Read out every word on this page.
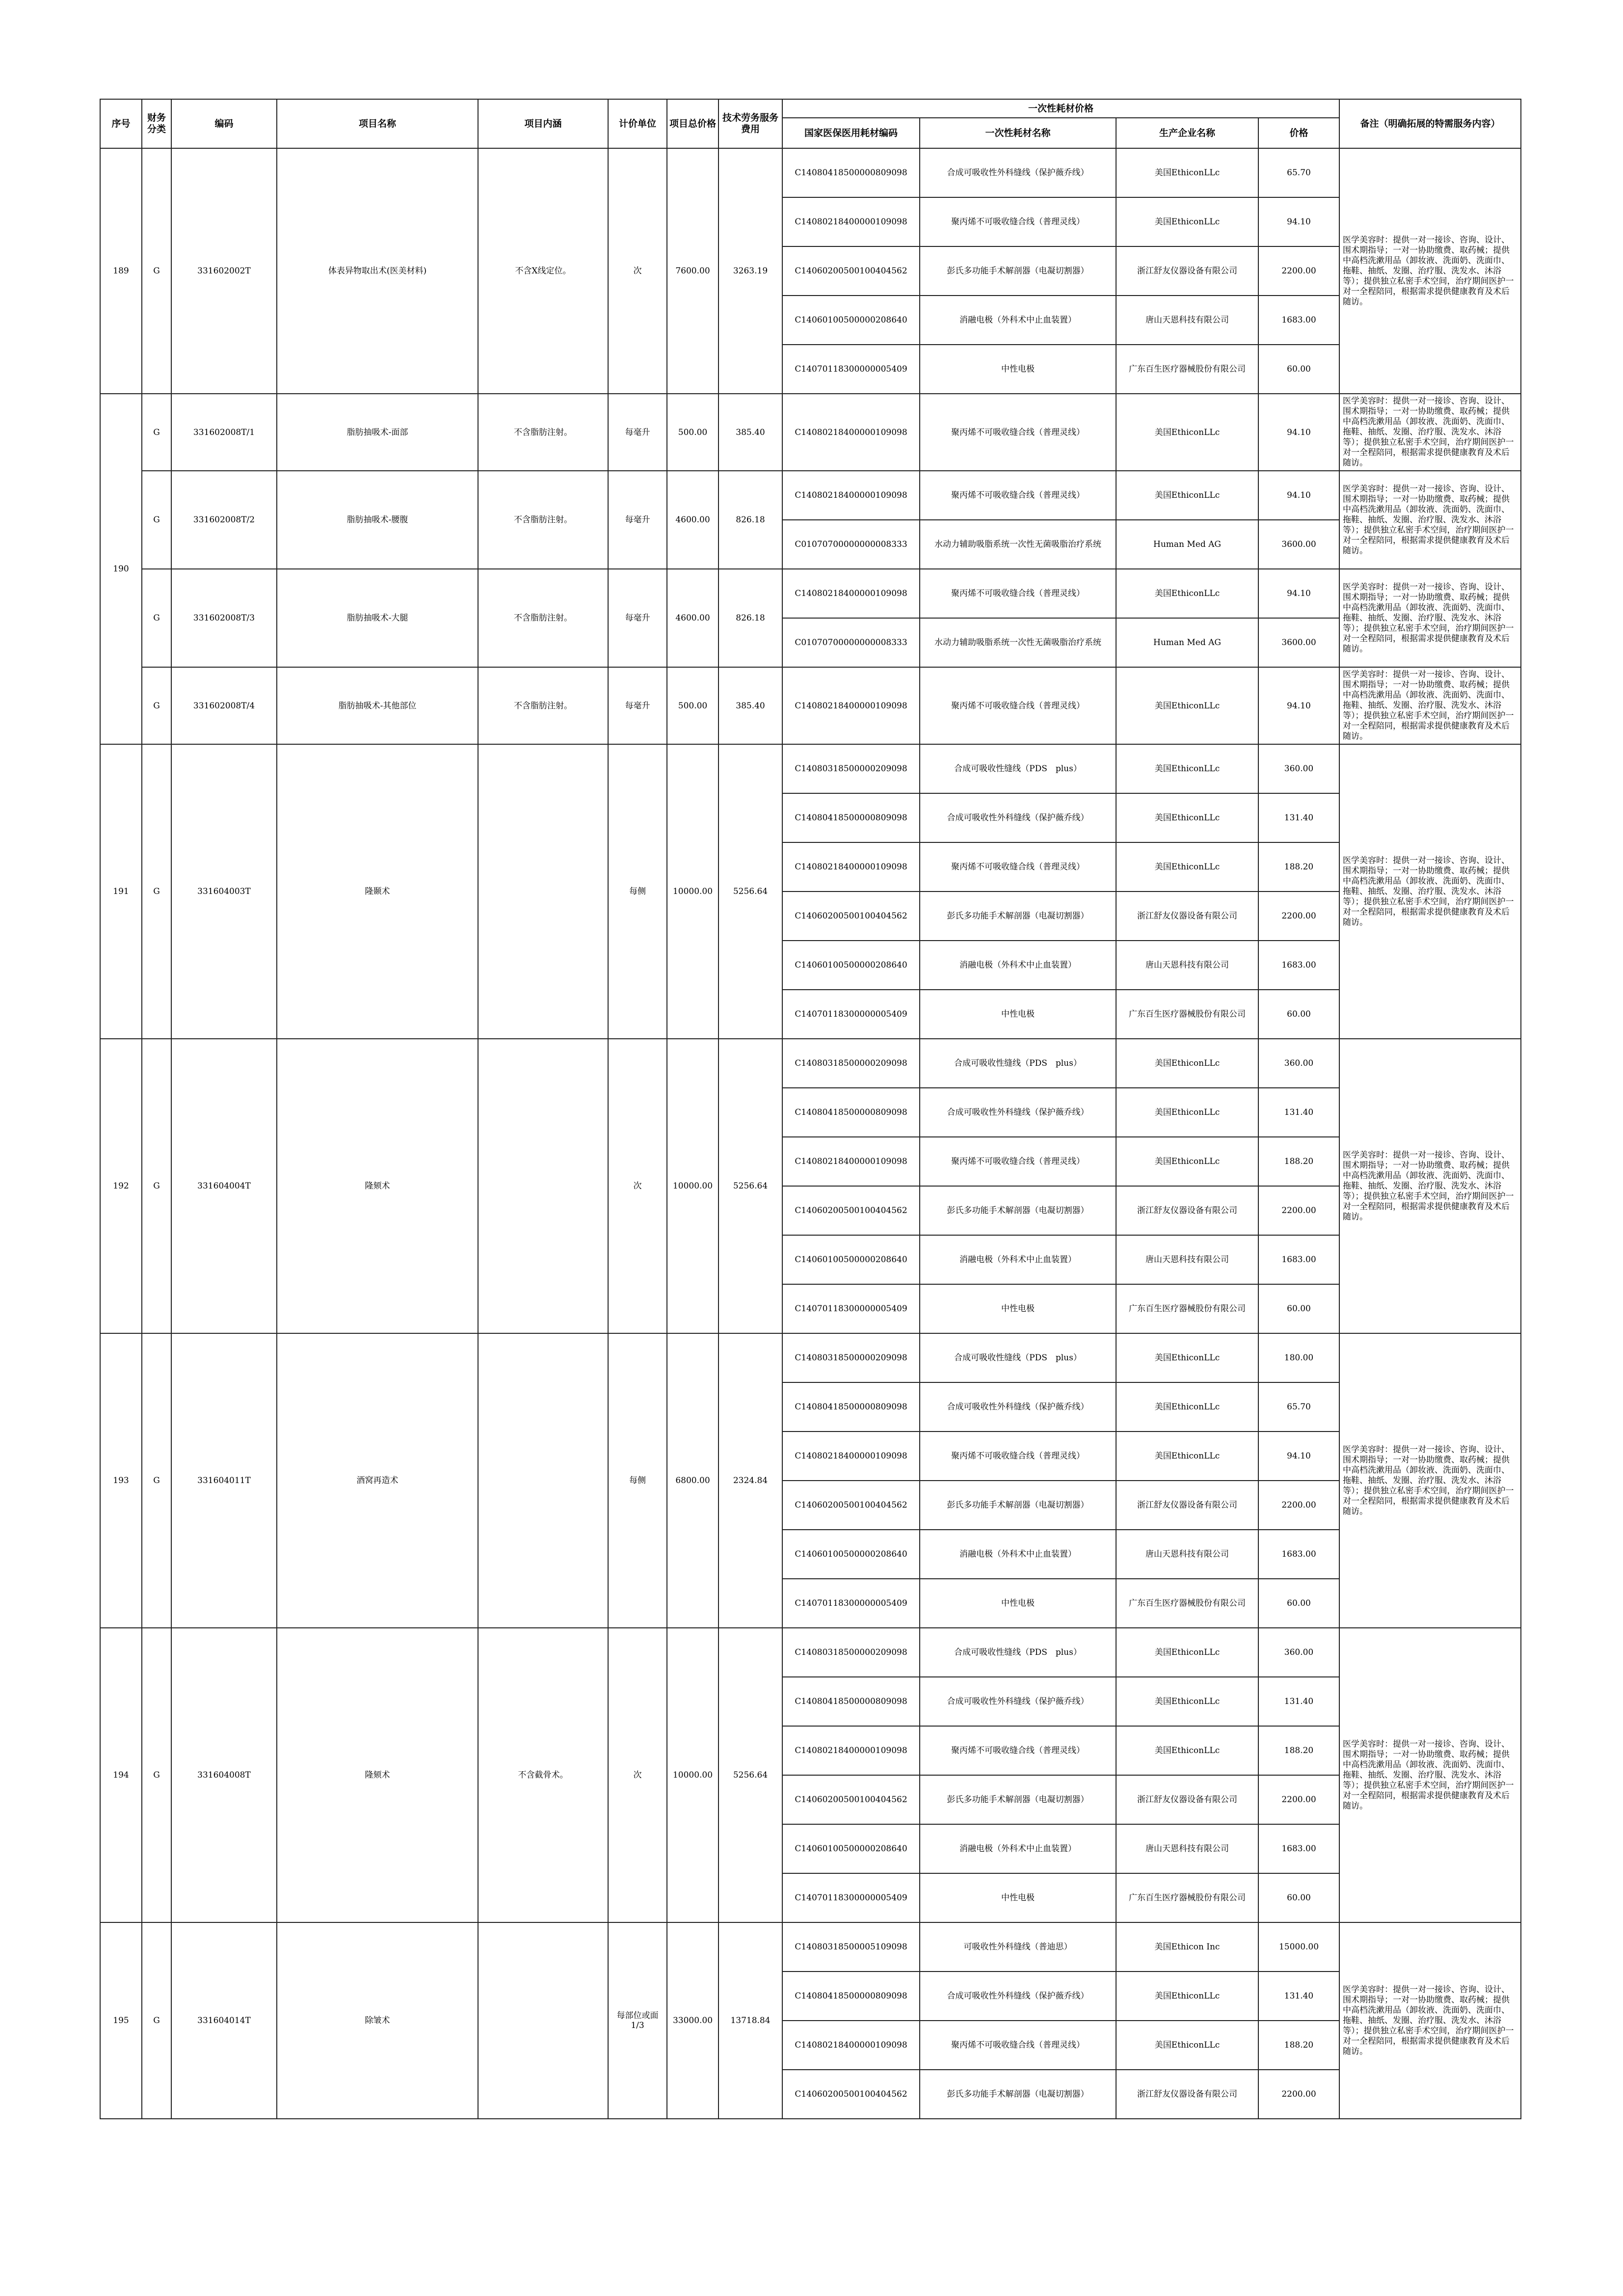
序号	财务分类	编码	项目名称	项目内涵	计价单位	项目总价格	技术劳务服务费用	一次性耗材价格				备注（明确拓展的特需服务内容）
								国家医保医用耗材编码	一次性耗材名称	生产企业名称	价格	
189	G	331602002T	体表异物取出术(医美材料)	不含X线定位。	次	7600.00	3263.19	C14080418500000809098	合成可吸收性外科缝线（保护薇乔线）	美国EthiconLLc	65.70	医学美容时：提供一对一接诊、咨询、设计、围术期指导；一对一协助缴费、取药械；提供中高档洗漱用品（卸妆液、洗面奶、洗面巾、拖鞋、抽纸、发圈、治疗服、洗发水、沐浴等）；提供独立私密手术空间，治疗期间医护一对一全程陪同，根据需求提供健康教育及术后随访。
								C14080218400000109098	聚丙烯不可吸收缝合线（普理灵线）	美国EthiconLLc	94.10	
								C14060200500100404562	彭氏多功能手术解剖器（电凝切割器）	浙江舒友仪器设备有限公司	2200.00	
								C14060100500000208640	消融电极（外科术中止血装置）	唐山天恩科技有限公司	1683.00	
								C14070118300000005409	中性电极	广东百生医疗器械股份有限公司	60.00	
190	G	331602008T/1	脂肪抽吸术-面部	不含脂肪注射。	每毫升	500.00	385.40	C14080218400000109098	聚丙烯不可吸收缝合线（普理灵线）	美国EthiconLLc	94.10	医学美容时：提供一对一接诊、咨询、设计、围术期指导；一对一协助缴费、取药械；提供中高档洗漱用品（卸妆液、洗面奶、洗面巾、拖鞋、抽纸、发圈、治疗服、洗发水、沐浴等）；提供独立私密手术空间，治疗期间医护一对一全程陪同，根据需求提供健康教育及术后随访。
	G	331602008T/2	脂肪抽吸术-腰腹	不含脂肪注射。	每毫升	4600.00	826.18	C14080218400000109098	聚丙烯不可吸收缝合线（普理灵线）	美国EthiconLLc	94.10	医学美容时：提供一对一接诊、咨询、设计、围术期指导；一对一协助缴费、取药械；提供中高档洗漱用品（卸妆液、洗面奶、洗面巾、拖鞋、抽纸、发圈、治疗服、洗发水、沐浴等）；提供独立私密手术空间，治疗期间医护一对一全程陪同，根据需求提供健康教育及术后随访。
								C01070700000000008333	水动力辅助吸脂系统一次性无菌吸脂治疗系统	Human Med AG	3600.00	
	G	331602008T/3	脂肪抽吸术-大腿	不含脂肪注射。	每毫升	4600.00	826.18	C14080218400000109098	聚丙烯不可吸收缝合线（普理灵线）	美国EthiconLLc	94.10	医学美容时：提供一对一接诊、咨询、设计、围术期指导；一对一协助缴费、取药械；提供中高档洗漱用品（卸妆液、洗面奶、洗面巾、拖鞋、抽纸、发圈、治疗服、洗发水、沐浴等）；提供独立私密手术空间，治疗期间医护一对一全程陪同，根据需求提供健康教育及术后随访。
								C01070700000000008333	水动力辅助吸脂系统一次性无菌吸脂治疗系统	Human Med AG	3600.00	
	G	331602008T/4	脂肪抽吸术-其他部位	不含脂肪注射。	每毫升	500.00	385.40	C14080218400000109098	聚丙烯不可吸收缝合线（普理灵线）	美国EthiconLLc	94.10	医学美容时：提供一对一接诊、咨询、设计、围术期指导；一对一协助缴费、取药械；提供中高档洗漱用品（卸妆液、洗面奶、洗面巾、拖鞋、抽纸、发圈、治疗服、洗发水、沐浴等）；提供独立私密手术空间，治疗期间医护一对一全程陪同，根据需求提供健康教育及术后随访。
191	G	331604003T	隆颞术		每侧	10000.00	5256.64	C14080318500000209098	合成可吸收性缝线（PDS　plus）	美国EthiconLLc	360.00	医学美容时：提供一对一接诊、咨询、设计、围术期指导；一对一协助缴费、取药械；提供中高档洗漱用品（卸妆液、洗面奶、洗面巾、拖鞋、抽纸、发圈、治疗服、洗发水、沐浴等）；提供独立私密手术空间，治疗期间医护一对一全程陪同，根据需求提供健康教育及术后随访。
								C14080418500000809098	合成可吸收性外科缝线（保护薇乔线）	美国EthiconLLc	131.40	
								C14080218400000109098	聚丙烯不可吸收缝合线（普理灵线）	美国EthiconLLc	188.20	
								C14060200500100404562	彭氏多功能手术解剖器（电凝切割器）	浙江舒友仪器设备有限公司	2200.00	
								C14060100500000208640	消融电极（外科术中止血装置）	唐山天恩科技有限公司	1683.00	
								C14070118300000005409	中性电极	广东百生医疗器械股份有限公司	60.00	
192	G	331604004T	隆颏术		次	10000.00	5256.64	C14080318500000209098	合成可吸收性缝线（PDS　plus）	美国EthiconLLc	360.00	医学美容时：提供一对一接诊、咨询、设计、围术期指导；一对一协助缴费、取药械；提供中高档洗漱用品（卸妆液、洗面奶、洗面巾、拖鞋、抽纸、发圈、治疗服、洗发水、沐浴等）；提供独立私密手术空间，治疗期间医护一对一全程陪同，根据需求提供健康教育及术后随访。
								C14080418500000809098	合成可吸收性外科缝线（保护薇乔线）	美国EthiconLLc	131.40	
								C14080218400000109098	聚丙烯不可吸收缝合线（普理灵线）	美国EthiconLLc	188.20	
								C14060200500100404562	彭氏多功能手术解剖器（电凝切割器）	浙江舒友仪器设备有限公司	2200.00	
								C14060100500000208640	消融电极（外科术中止血装置）	唐山天恩科技有限公司	1683.00	
								C14070118300000005409	中性电极	广东百生医疗器械股份有限公司	60.00	
193	G	331604011T	酒窝再造术		每侧	6800.00	2324.84	C14080318500000209098	合成可吸收性缝线（PDS　plus）	美国EthiconLLc	180.00	医学美容时：提供一对一接诊、咨询、设计、围术期指导；一对一协助缴费、取药械；提供中高档洗漱用品（卸妆液、洗面奶、洗面巾、拖鞋、抽纸、发圈、治疗服、洗发水、沐浴等）；提供独立私密手术空间，治疗期间医护一对一全程陪同，根据需求提供健康教育及术后随访。
								C14080418500000809098	合成可吸收性外科缝线（保护薇乔线）	美国EthiconLLc	65.70	
								C14080218400000109098	聚丙烯不可吸收缝合线（普理灵线）	美国EthiconLLc	94.10	
								C14060200500100404562	彭氏多功能手术解剖器（电凝切割器）	浙江舒友仪器设备有限公司	2200.00	
								C14060100500000208640	消融电极（外科术中止血装置）	唐山天恩科技有限公司	1683.00	
								C14070118300000005409	中性电极	广东百生医疗器械股份有限公司	60.00	
194	G	331604008T	隆颏术	不含截骨术。	次	10000.00	5256.64	C14080318500000209098	合成可吸收性缝线（PDS　plus）	美国EthiconLLc	360.00	医学美容时：提供一对一接诊、咨询、设计、围术期指导；一对一协助缴费、取药械；提供中高档洗漱用品（卸妆液、洗面奶、洗面巾、拖鞋、抽纸、发圈、治疗服、洗发水、沐浴等）；提供独立私密手术空间，治疗期间医护一对一全程陪同，根据需求提供健康教育及术后随访。
								C14080418500000809098	合成可吸收性外科缝线（保护薇乔线）	美国EthiconLLc	131.40	
								C14080218400000109098	聚丙烯不可吸收缝合线（普理灵线）	美国EthiconLLc	188.20	
								C14060200500100404562	彭氏多功能手术解剖器（电凝切割器）	浙江舒友仪器设备有限公司	2200.00	
								C14060100500000208640	消融电极（外科术中止血装置）	唐山天恩科技有限公司	1683.00	
								C14070118300000005409	中性电极	广东百生医疗器械股份有限公司	60.00	
195	G	331604014T	除皱术		每部位或面1/3	33000.00	13718.84	C14080318500005109098	可吸收性外科缝线（普迪思）	美国Ethicon Inc	15000.00	医学美容时：提供一对一接诊、咨询、设计、围术期指导；一对一协助缴费、取药械；提供中高档洗漱用品（卸妆液、洗面奶、洗面巾、拖鞋、抽纸、发圈、治疗服、洗发水、沐浴等）；提供独立私密手术空间，治疗期间医护一对一全程陪同，根据需求提供健康教育及术后随访。
								C14080418500000809098	合成可吸收性外科缝线（保护薇乔线）	美国EthiconLLc	131.40	
								C14080218400000109098	聚丙烯不可吸收缝合线（普理灵线）	美国EthiconLLc	188.20	
								C14060200500100404562	彭氏多功能手术解剖器（电凝切割器）	浙江舒友仪器设备有限公司	2200.00	
